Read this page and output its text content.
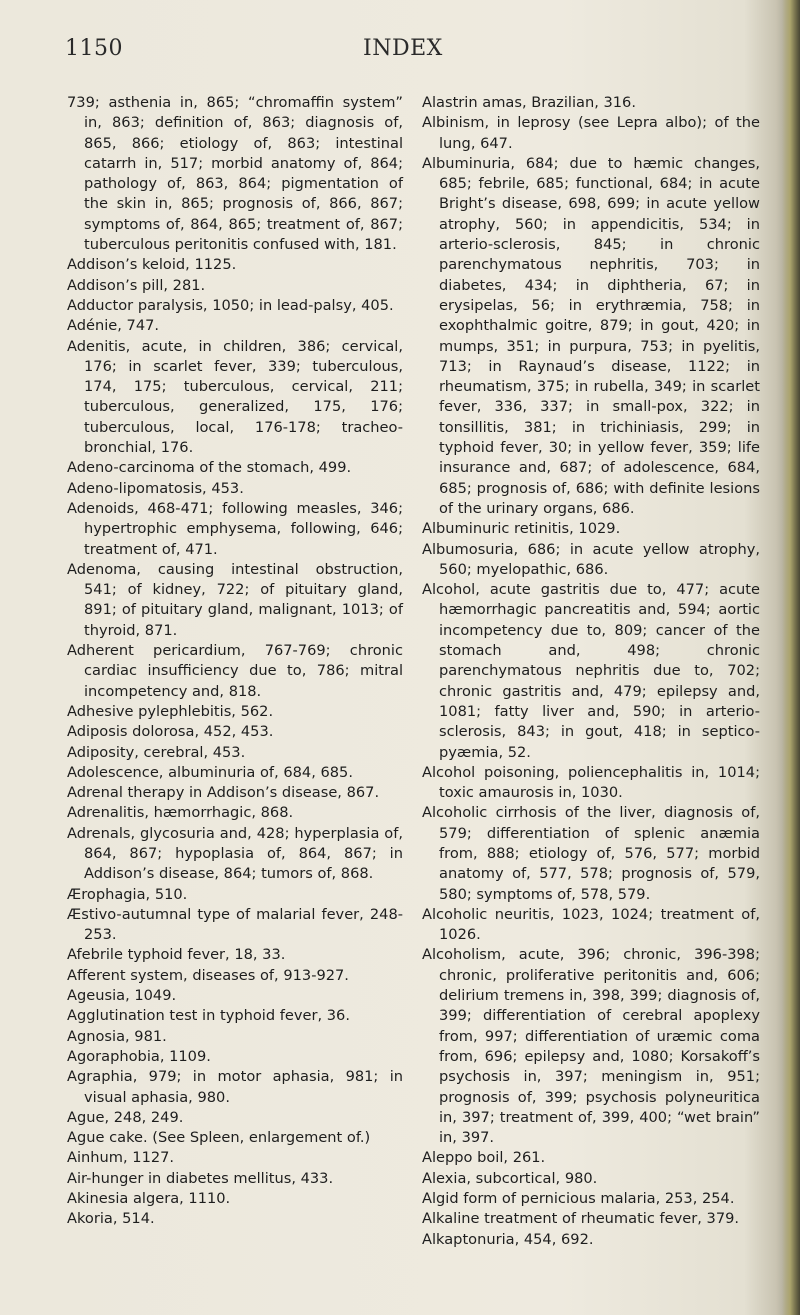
1150	INDEX

739; asthenia in, 865; “chromaffin system” in, 863; definition of, 863; diagnosis of, 865, 866; etiology of, 863; intestinal catarrh in, 517; morbid anatomy of, 864; pathology of, 863, 864; pigmentation of the skin in, 865; prognosis of, 866, 867; symptoms of, 864, 865; treatment of, 867; tuberculous peritonitis confused with, 181.

Addison’s keloid, 1125.

Addison’s pill, 281.

Adductor paralysis, 1050; in lead-palsy, 405.

Adénie, 747.

Adenitis, acute, in children, 386; cervical, 176; in scarlet fever, 339; tuberculous, 174, 175; tuberculous, cervical, 211; tuberculous, generalized, 175, 176; tuberculous, local, 176-178; tracheo-bronchial, 176.

Adeno-carcinoma of the stomach, 499.

Adeno-lipomatosis, 453.

Adenoids, 468-471; following measles, 346; hypertrophic emphysema, following, 646; treatment of, 471.

Adenoma, causing intestinal obstruction, 541; of kidney, 722; of pituitary gland, 891; of pituitary gland, malignant, 1013; of thyroid, 871.

Adherent pericardium, 767-769; chronic cardiac insufficiency due to, 786; mitral incompetency and, 818.

Adhesive pylephlebitis, 562.

Adiposis dolorosa, 452, 453.

Adiposity, cerebral, 453.

Adolescence, albuminuria of, 684, 685.

Adrenal therapy in Addison’s disease, 867.

Adrenalitis, hæmorrhagic, 868.

Adrenals, glycosuria and, 428; hyperplasia of, 864, 867; hypoplasia of, 864, 867; in Addison’s disease, 864; tumors of, 868.

Ærophagia, 510.

Æstivo-autumnal type of malarial fever, 248-253.

Afebrile typhoid fever, 18, 33.

Afferent system, diseases of, 913-927.

Ageusia, 1049.

Agglutination test in typhoid fever, 36.

Agnosia, 981.

Agoraphobia, 1109.

Agraphia, 979; in motor aphasia, 981; in visual aphasia, 980.

Ague, 248, 249.

Ague cake. (See Spleen, enlargement of.)

Ainhum, 1127.

Air-hunger in diabetes mellitus, 433.

Akinesia algera, 1110.

Akoria, 514.

Alastrin amas, Brazilian, 316.

Albinism, in leprosy (see Lepra albo); of the lung, 647.

Albuminuria, 684; due to hæmic changes, 685; febrile, 685; functional, 684; in acute Bright’s disease, 698, 699; in acute yellow atrophy, 560; in appendicitis, 534; in arterio-sclerosis, 845; in chronic parenchymatous nephritis, 703; in diabetes, 434; in diphtheria, 67; in erysipelas, 56; in erythræmia, 758; in exophthalmic goitre, 879; in gout, 420; in mumps, 351; in purpura, 753; in pyelitis, 713; in Raynaud’s disease, 1122; in rheumatism, 375; in rubella, 349; in scarlet fever, 336, 337; in small-pox, 322; in tonsillitis, 381; in trichiniasis, 299; in typhoid fever, 30; in yellow fever, 359; life insurance and, 687; of adolescence, 684, 685; prognosis of, 686; with definite lesions of the urinary organs, 686.

Albuminuric retinitis, 1029.

Albumosuria, 686; in acute yellow atrophy, 560; myelopathic, 686.

Alcohol, acute gastritis due to, 477; acute hæmorrhagic pancreatitis and, 594; aortic incompetency due to, 809; cancer of the stomach and, 498; chronic parenchymatous nephritis due to, 702; chronic gastritis and, 479; epilepsy and, 1081; fatty liver and, 590; in arterio-sclerosis, 843; in gout, 418; in septico-pyæmia, 52.

Alcohol poisoning, poliencephalitis in, 1014; toxic amaurosis in, 1030.

Alcoholic cirrhosis of the liver, diagnosis of, 579; differentiation of splenic anæmia from, 888; etiology of, 576, 577; morbid anatomy of, 577, 578; prognosis of, 579, 580; symptoms of, 578, 579.

Alcoholic neuritis, 1023, 1024; treatment of, 1026.

Alcoholism, acute, 396; chronic, 396-398; chronic, proliferative peritonitis and, 606; delirium tremens in, 398, 399; diagnosis of, 399; differentiation of cerebral apoplexy from, 997; differentiation of uræmic coma from, 696; epilepsy and, 1080; Korsakoff’s psychosis in, 397; meningism in, 951; prognosis of, 399; psychosis polyneuritica in, 397; treatment of, 399, 400; “wet brain” in, 397.

Aleppo boil, 261.

Alexia, subcortical, 980.

Algid form of pernicious malaria, 253, 254.

Alkaline treatment of rheumatic fever, 379.

Alkaptonuria, 454, 692.
